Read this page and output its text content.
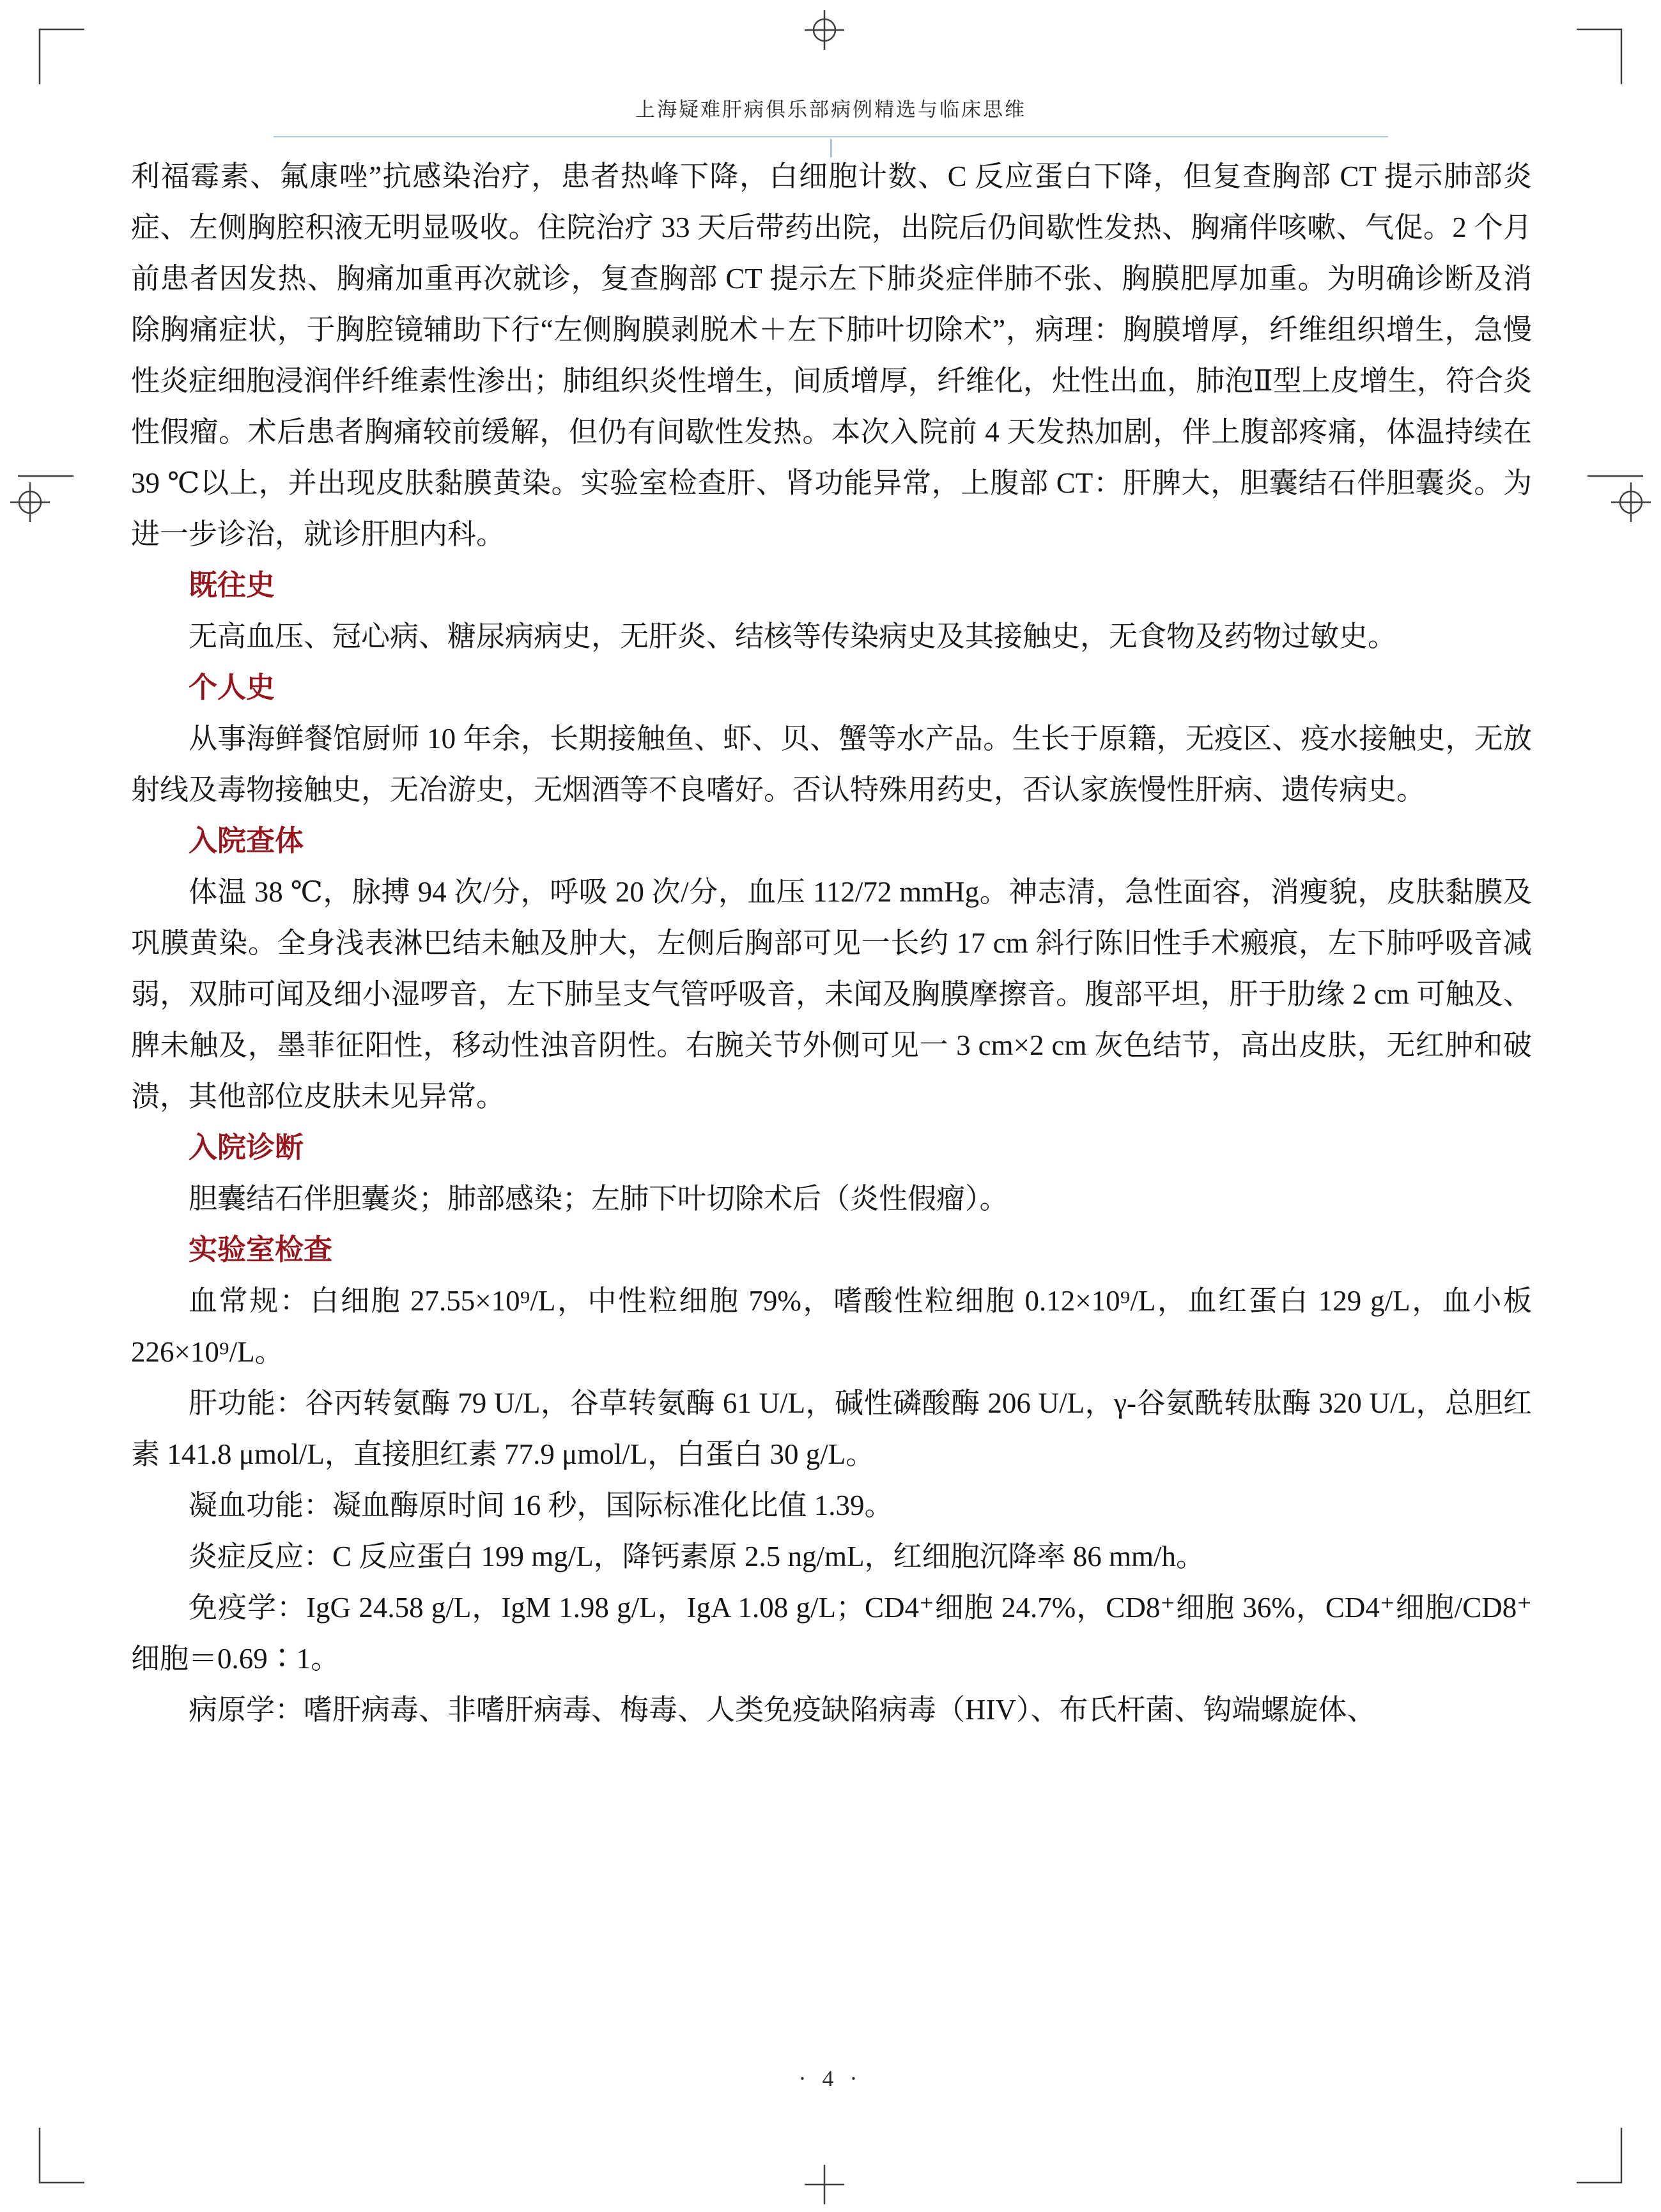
上海疑难肝病俱乐部病例精选与临床思维

利福霉素、氟康唑”抗感染治疗，患者热峰下降，白细胞计数、C 反应蛋白下降，但复查胸部 CT 提示肺部炎症、左侧胸腔积液无明显吸收。住院治疗 33 天后带药出院，出院后仍间歇性发热、胸痛伴咳嗽、气促。2 个月前患者因发热、胸痛加重再次就诊，复查胸部 CT 提示左下肺炎症伴肺不张、胸膜肥厚加重。为明确诊断及消除胸痛症状，于胸腔镜辅助下行“左侧胸膜剥脱术＋左下肺叶切除术”，病理：胸膜增厚，纤维组织增生，急慢性炎症细胞浸润伴纤维素性渗出；肺组织炎性增生，间质增厚，纤维化，灶性出血，肺泡Ⅱ型上皮增生，符合炎性假瘤。术后患者胸痛较前缓解，但仍有间歇性发热。本次入院前 4 天发热加剧，伴上腹部疼痛，体温持续在 39 ℃以上，并出现皮肤黏膜黄染。实验室检查肝、肾功能异常，上腹部 CT：肝脾大，胆囊结石伴胆囊炎。为进一步诊治，就诊肝胆内科。

既往史

无高血压、冠心病、糖尿病病史，无肝炎、结核等传染病史及其接触史，无食物及药物过敏史。

个人史

从事海鲜餐馆厨师 10 年余，长期接触鱼、虾、贝、蟹等水产品。生长于原籍，无疫区、疫水接触史，无放射线及毒物接触史，无冶游史，无烟酒等不良嗜好。否认特殊用药史，否认家族慢性肝病、遗传病史。

入院查体

体温 38 ℃，脉搏 94 次/分，呼吸 20 次/分，血压 112/72 mmHg。神志清，急性面容，消瘦貌，皮肤黏膜及巩膜黄染。全身浅表淋巴结未触及肿大，左侧后胸部可见一长约 17 cm 斜行陈旧性手术瘢痕，左下肺呼吸音减弱，双肺可闻及细小湿啰音，左下肺呈支气管呼吸音，未闻及胸膜摩擦音。腹部平坦，肝于肋缘 2 cm 可触及、脾未触及，墨菲征阳性，移动性浊音阴性。右腕关节外侧可见一 3 cm×2 cm 灰色结节，高出皮肤，无红肿和破溃，其他部位皮肤未见异常。

入院诊断

胆囊结石伴胆囊炎；肺部感染；左肺下叶切除术后（炎性假瘤）。

实验室检查

血常规：白细胞 27.55×10⁹/L，中性粒细胞 79%，嗜酸性粒细胞 0.12×10⁹/L，血红蛋白 129 g/L，血小板 226×10⁹/L。

肝功能：谷丙转氨酶 79 U/L，谷草转氨酶 61 U/L，碱性磷酸酶 206 U/L，γ-谷氨酰转肽酶 320 U/L，总胆红素 141.8 μmol/L，直接胆红素 77.9 μmol/L，白蛋白 30 g/L。

凝血功能：凝血酶原时间 16 秒，国际标准化比值 1.39。

炎症反应：C 反应蛋白 199 mg/L，降钙素原 2.5 ng/mL，红细胞沉降率 86 mm/h。

免疫学：IgG 24.58 g/L，IgM 1.98 g/L，IgA 1.08 g/L；CD4⁺细胞 24.7%，CD8⁺细胞 36%，CD4⁺细胞/CD8⁺细胞＝0.69∶1。

病原学：嗜肝病毒、非嗜肝病毒、梅毒、人类免疫缺陷病毒（HIV）、布氏杆菌、钩端螺旋体、

· 4 ·
